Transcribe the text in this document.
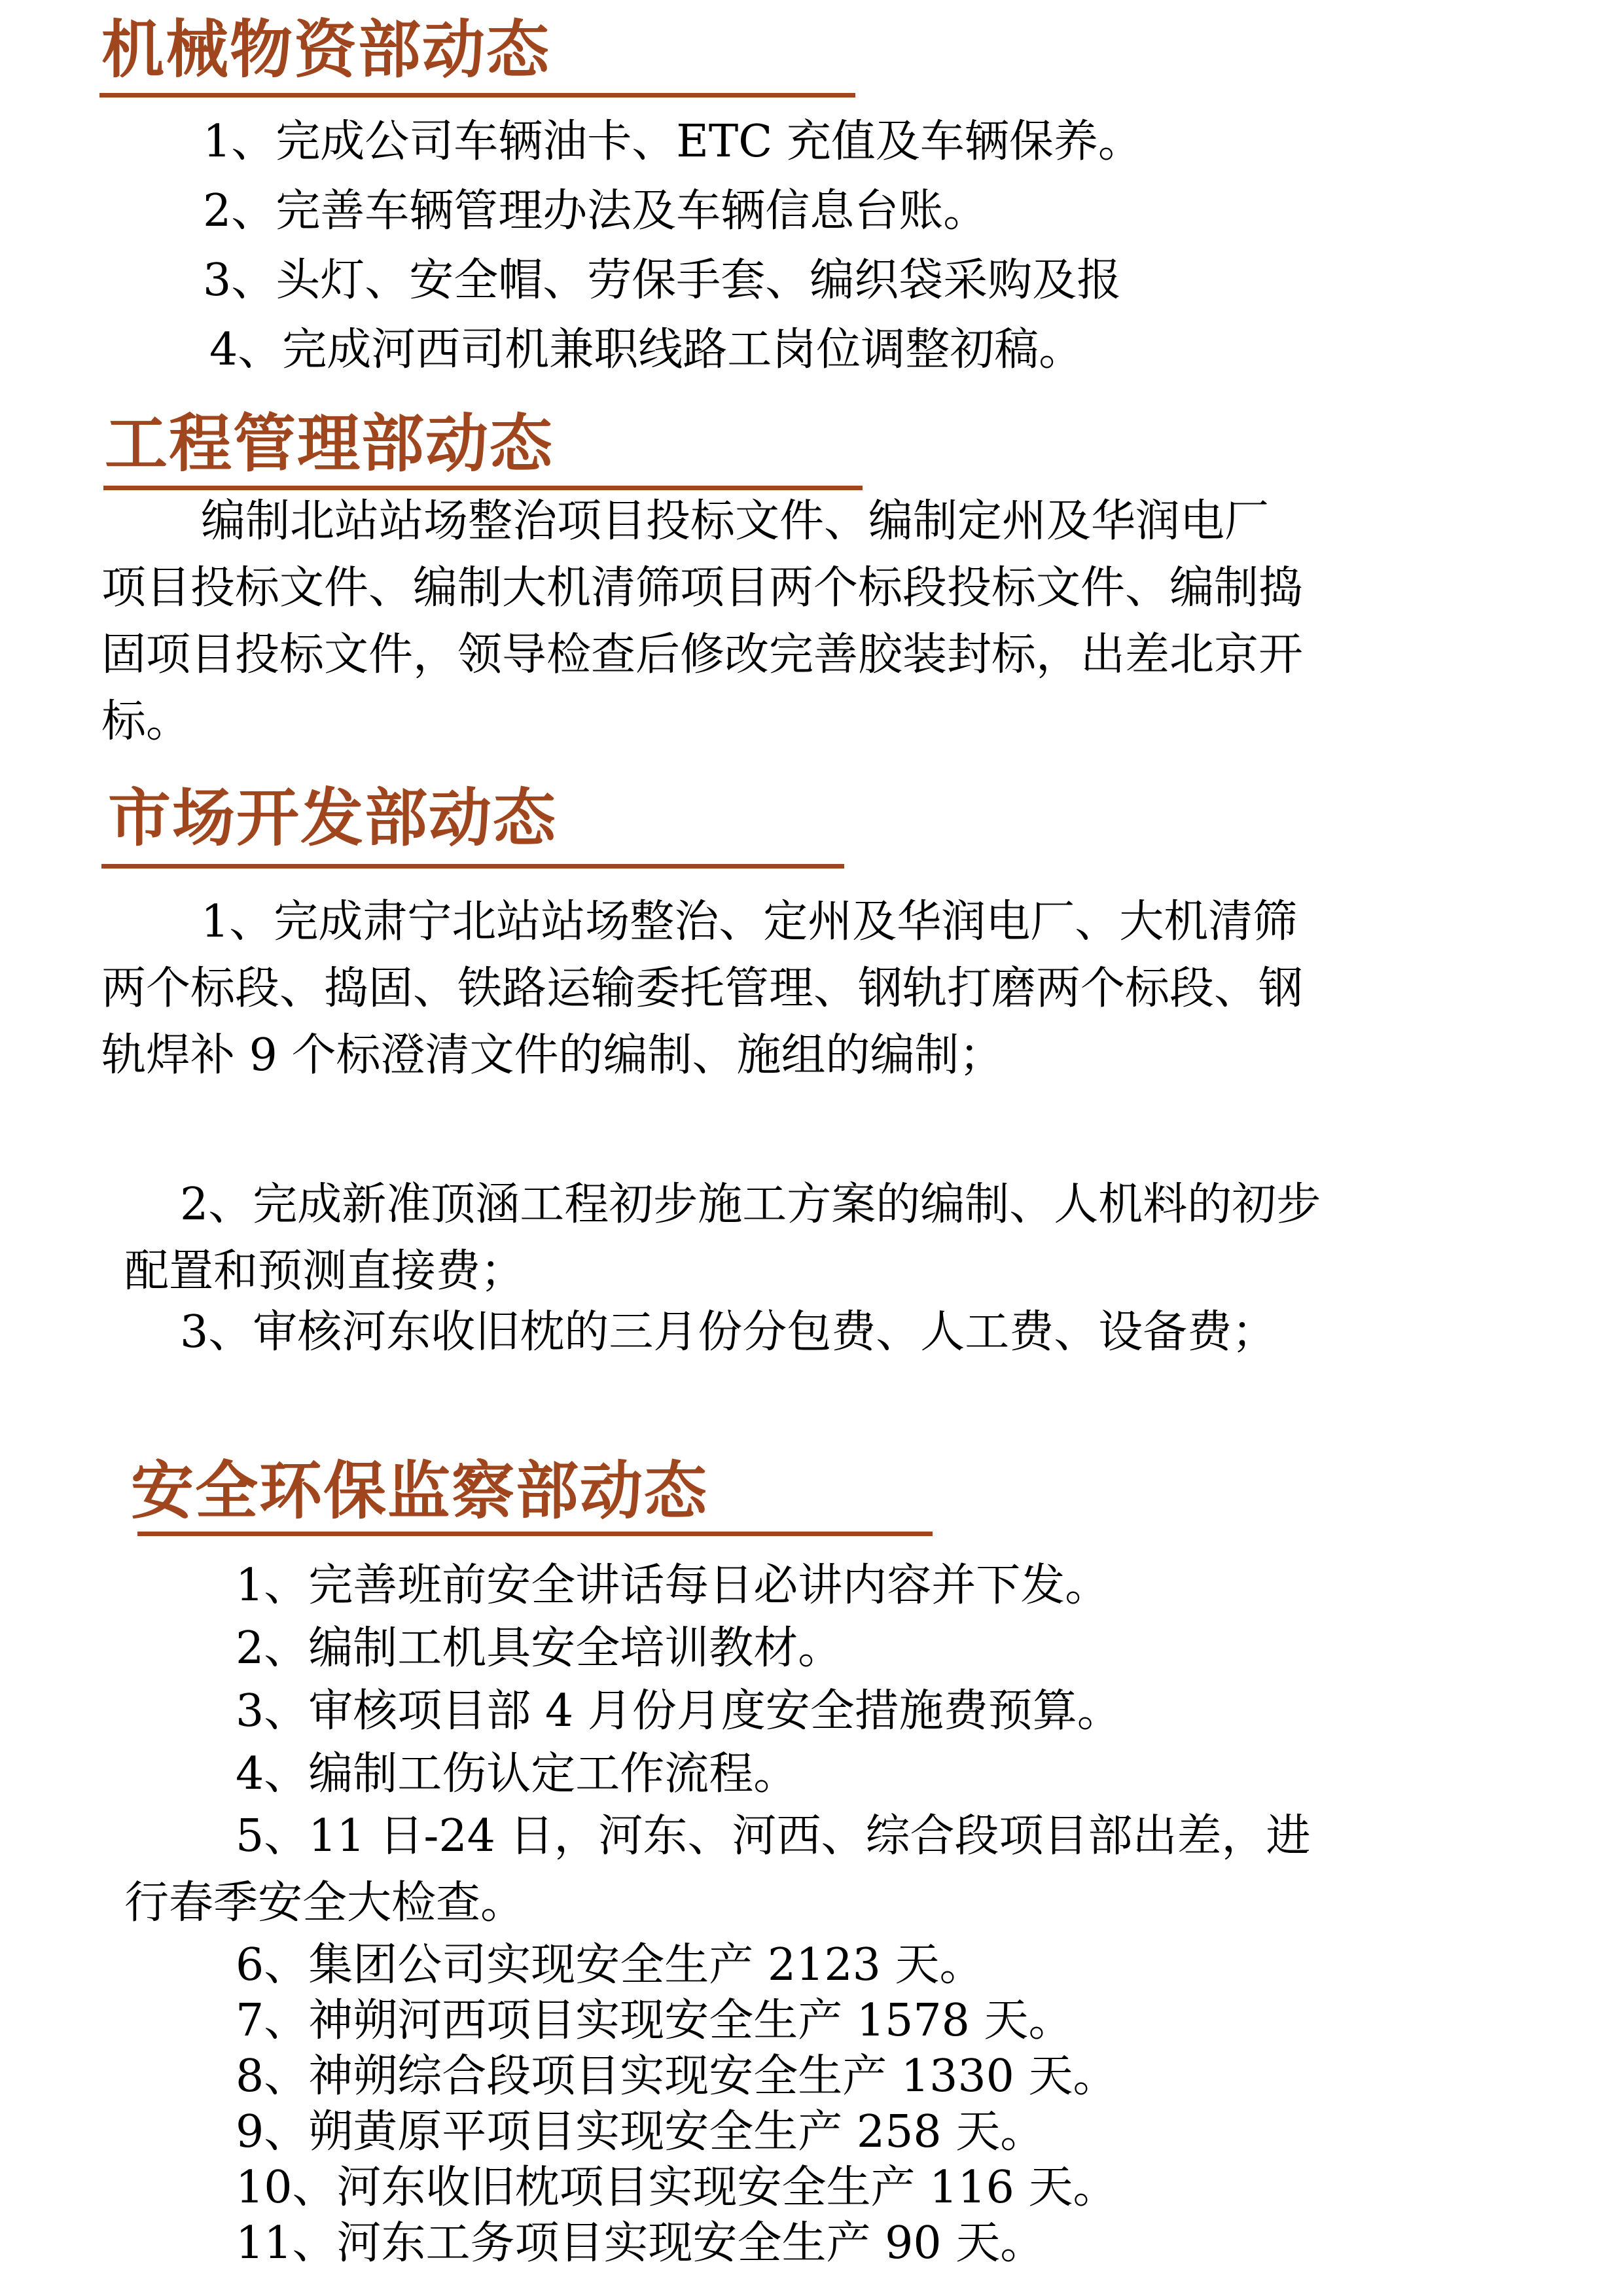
机械物资部动态

1、完成公司车辆油卡、ETC 充值及车辆保养。

2、完善车辆管理办法及车辆信息台账。

3、头灯、安全帽、劳保手套、编织袋采购及报

4、完成河西司机兼职线路工岗位调整初稿。

工程管理部动态

编制北站站场整治项目投标文件、编制定州及华润电厂项目投标文件、编制大机清筛项目两个标段投标文件、编制捣固项目投标文件，领导检查后修改完善胶装封标，出差北京开标。

市场开发部动态

1、完成肃宁北站站场整治、定州及华润电厂、大机清筛两个标段、捣固、铁路运输委托管理、钢轨打磨两个标段、钢轨焊补 9 个标澄清文件的编制、施组的编制；

2、完成新准顶涵工程初步施工方案的编制、人机料的初步配置和预测直接费；

3、审核河东收旧枕的三月份分包费、人工费、设备费；

安全环保监察部动态

1、完善班前安全讲话每日必讲内容并下发。

2、编制工机具安全培训教材。

3、审核项目部 4 月份月度安全措施费预算。

4、编制工伤认定工作流程。

5、11 日-24 日，河东、河西、综合段项目部出差，进行春季安全大检查。

6、集团公司实现安全生产 2123 天。

7、神朔河西项目实现安全生产 1578 天。

8、神朔综合段项目实现安全生产 1330 天。

9、朔黄原平项目实现安全生产 258 天。

10、河东收旧枕项目实现安全生产 116 天。

11、河东工务项目实现安全生产 90 天。
